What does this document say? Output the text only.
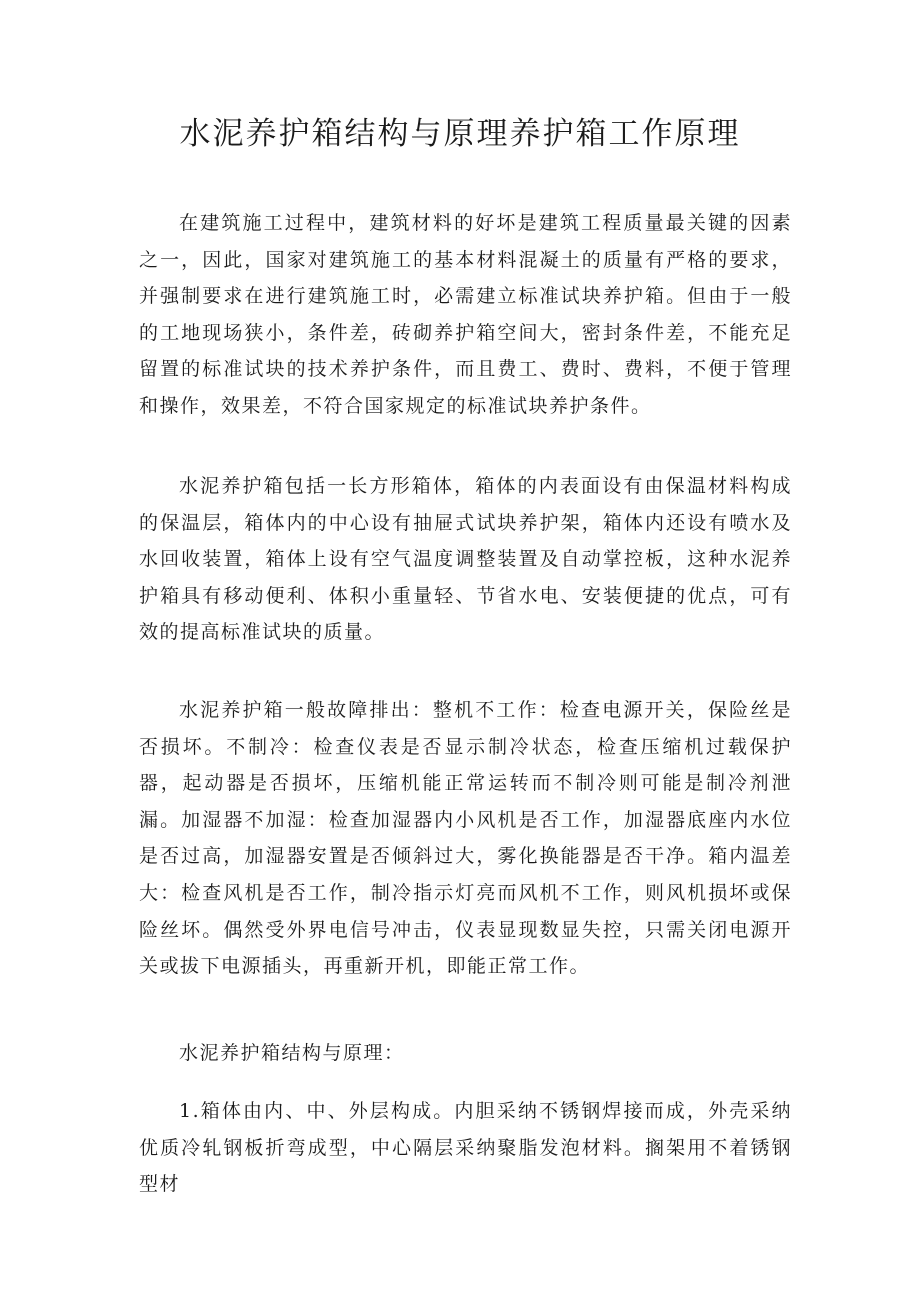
水泥养护箱结构与原理养护箱工作原理

在建筑施工过程中，建筑材料的好坏是建筑工程质量最关键的因素之一，因此，国家对建筑施工的基本材料混凝土的质量有严格的要求，并强制要求在进行建筑施工时，必需建立标准试块养护箱。但由于一般的工地现场狭小，条件差，砖砌养护箱空间大，密封条件差，不能充足留置的标准试块的技术养护条件，而且费工、费时、费料，不便于管理和操作，效果差，不符合国家规定的标准试块养护条件。

水泥养护箱包括一长方形箱体，箱体的内表面设有由保温材料构成的保温层，箱体内的中心设有抽屉式试块养护架，箱体内还设有喷水及水回收装置，箱体上设有空气温度调整装置及自动掌控板，这种水泥养护箱具有移动便利、体积小重量轻、节省水电、安装便捷的优点，可有效的提高标准试块的质量。

水泥养护箱一般故障排出：整机不工作：检查电源开关，保险丝是否损坏。不制冷：检查仪表是否显示制冷状态，检查压缩机过载保护器，起动器是否损坏，压缩机能正常运转而不制冷则可能是制冷剂泄漏。加湿器不加湿：检查加湿器内小风机是否工作，加湿器底座内水位是否过高，加湿器安置是否倾斜过大，雾化换能器是否干净。箱内温差大：检查风机是否工作，制冷指示灯亮而风机不工作，则风机损坏或保险丝坏。偶然受外界电信号冲击，仪表显现数显失控，只需关闭电源开关或拔下电源插头，再重新开机，即能正常工作。

水泥养护箱结构与原理：

1.箱体由内、中、外层构成。内胆采纳不锈钢焊接而成，外壳采纳优质冷轧钢板折弯成型，中心隔层采纳聚脂发泡材料。搁架用不着锈钢型材
